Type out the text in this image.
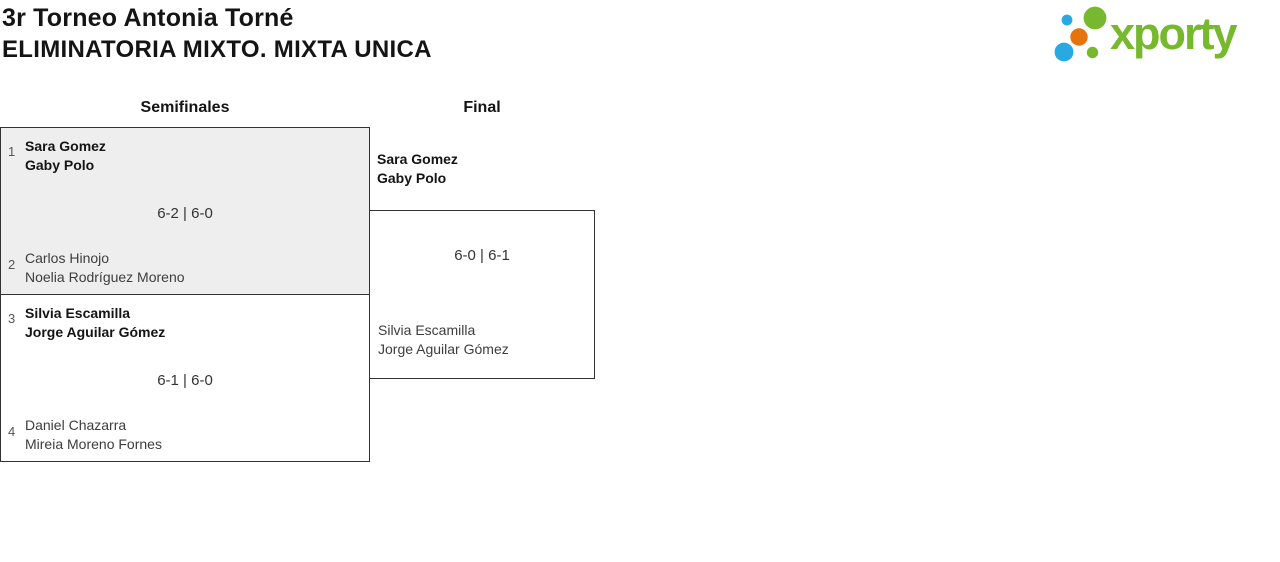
3r Torneo Antonia Torné
ELIMINATORIA MIXTO. MIXTA UNICA	xporty
Semifinales	Final
1 Sara Gomez
Gaby Polo
6-2 | 6-0
2 Carlos Hinojo
Noelia Rodríguez Moreno
3 Silvia Escamilla
Jorge Aguilar Gómez
6-1 | 6-0
4 Daniel Chazarra
Mireia Moreno Fornes
Sara Gomez
Gaby Polo
6-0 | 6-1
Silvia Escamilla
Jorge Aguilar Gómez
